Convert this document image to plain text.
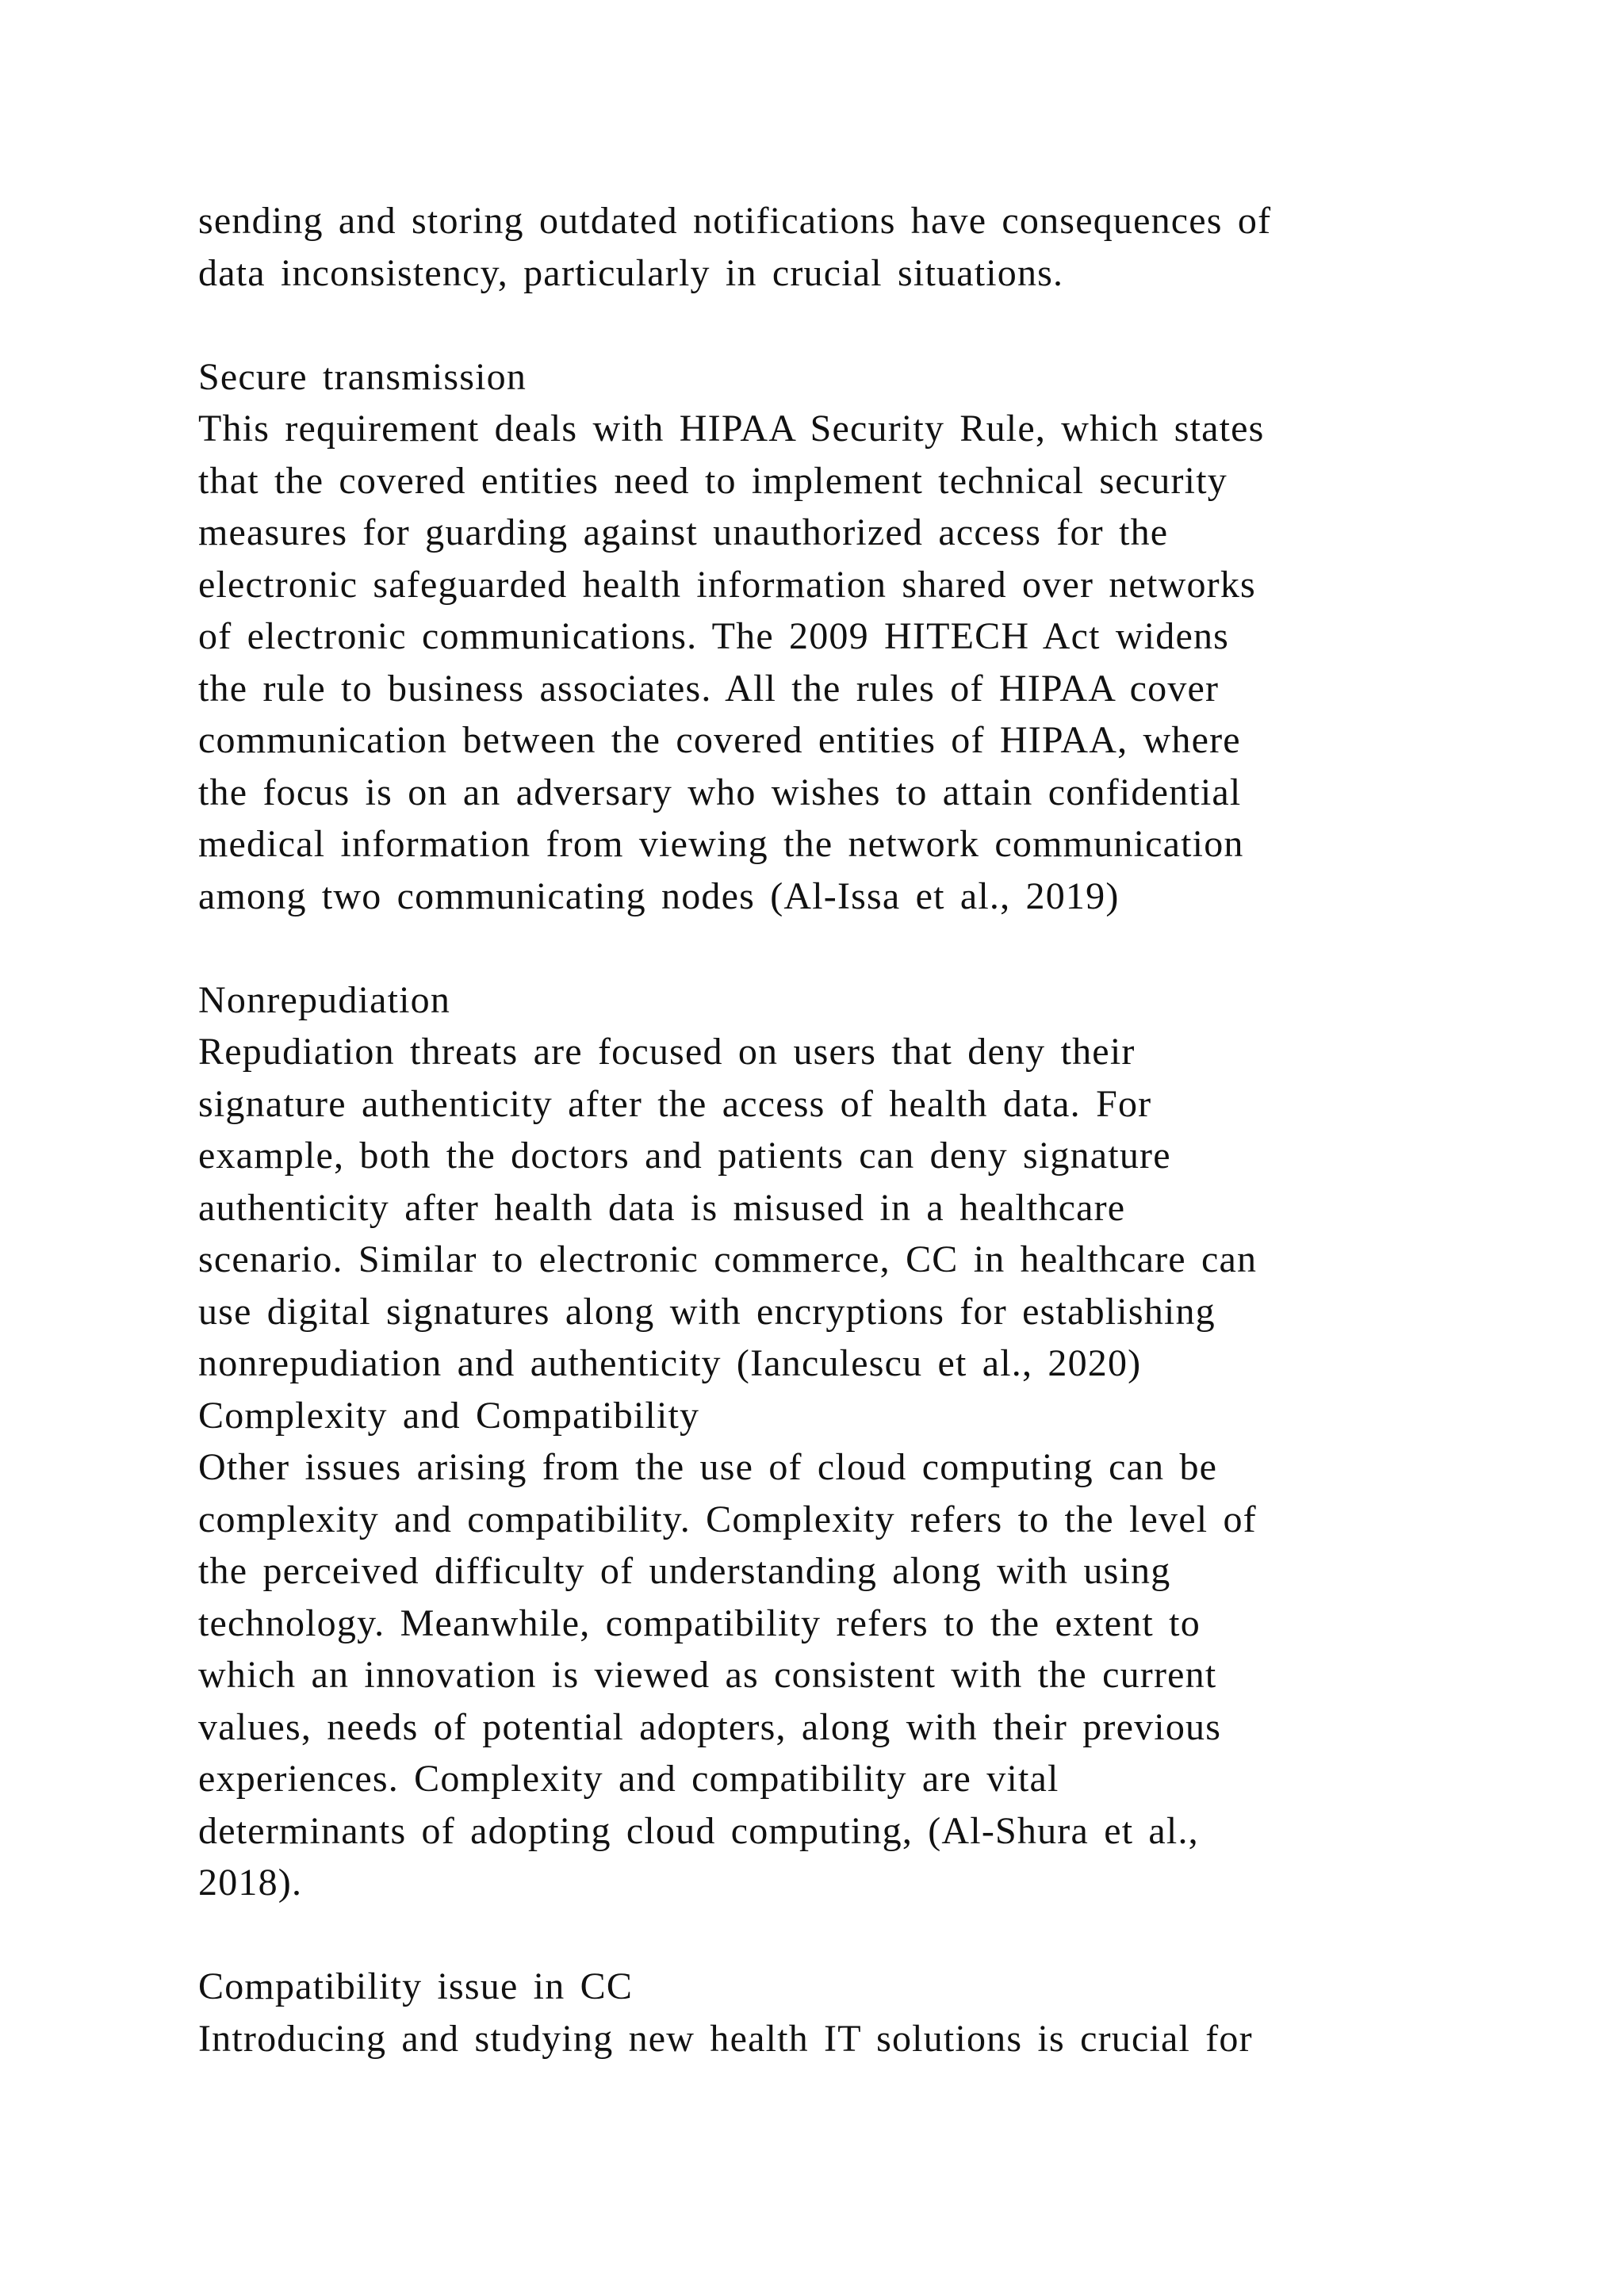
sending and storing outdated notifications have consequences of
data inconsistency, particularly in crucial situations.
Secure transmission
This requirement deals with HIPAA Security Rule, which states
that the covered entities need to implement technical security
measures for guarding against unauthorized access for the
electronic safeguarded health information shared over networks
of electronic communications. The 2009 HITECH Act widens
the rule to business associates. All the rules of HIPAA cover
communication between the covered entities of HIPAA, where
the focus is on an adversary who wishes to attain confidential
medical information from viewing the network communication
among two communicating nodes (Al-Issa et al., 2019)
Nonrepudiation
Repudiation threats are focused on users that deny their
signature authenticity after the access of health data. For
example, both the doctors and patients can deny signature
authenticity after health data is misused in a healthcare
scenario. Similar to electronic commerce, CC in healthcare can
use digital signatures along with encryptions for establishing
nonrepudiation and authenticity (Ianculescu et al., 2020)
Complexity and Compatibility
Other issues arising from the use of cloud computing can be
complexity and compatibility. Complexity refers to the level of
the perceived difficulty of understanding along with using
technology. Meanwhile, compatibility refers to the extent to
which an innovation is viewed as consistent with the current
values, needs of potential adopters, along with their previous
experiences. Complexity and compatibility are vital
determinants of adopting cloud computing, (Al-Shura et al.,
2018).
Compatibility issue in CC
Introducing and studying new health IT solutions is crucial for
